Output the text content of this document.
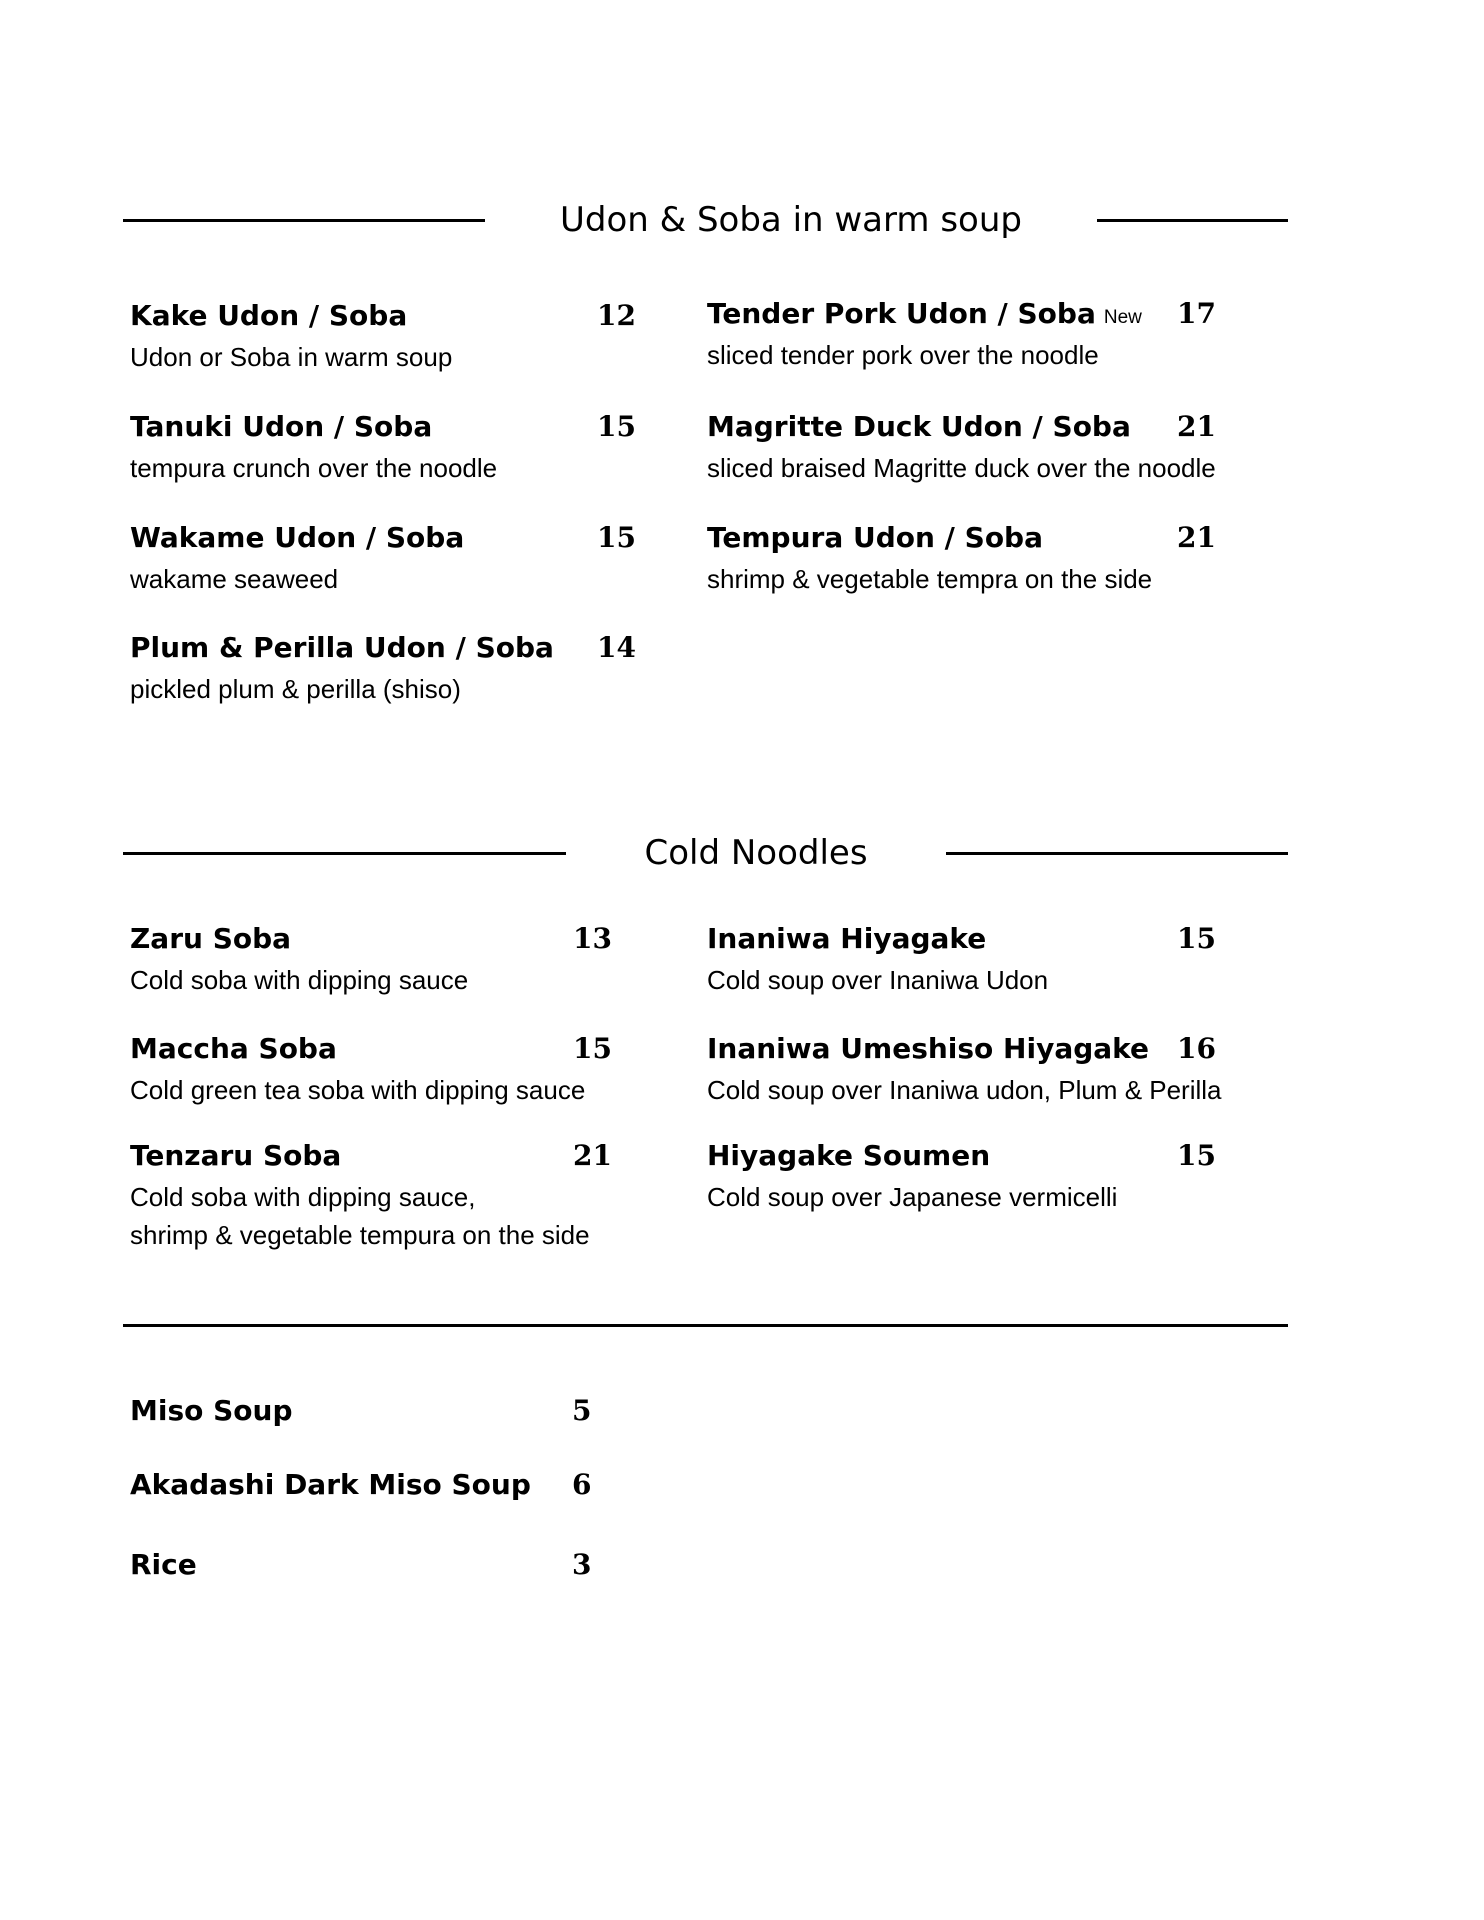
Udon & Soba in warm soup
Kake Udon / Soba	12
Udon or Soba in warm soup
Tanuki Udon / Soba	15
tempura crunch over the noodle
Wakame Udon / Soba	15
wakame seaweed
Plum & Perilla Udon / Soba 14
pickled plum & perilla (shiso)
Tender Pork Udon / Soba New 17
sliced tender pork over the noodle
Magritte Duck Udon / Soba 21
sliced braised Magritte duck over the noodle
Tempura Udon / Soba	21
shrimp & vegetable tempra on the side
Cold Noodles
Zaru Soba	13
Cold soba with dipping sauce
Maccha Soba	15
Cold green tea soba with dipping sauce
Tenzaru Soba	21
Cold soba with dipping sauce,
shrimp & vegetable tempura on the side
Inaniwa Hiyagake	15
Cold soup over Inaniwa Udon
Inaniwa Umeshiso Hiyagake 16
Cold soup over Inaniwa udon, Plum & Perilla
Hiyagake Soumen	15
Cold soup over Japanese vermicelli
Miso Soup	5
Akadashi Dark Miso Soup 6
Rice	3
